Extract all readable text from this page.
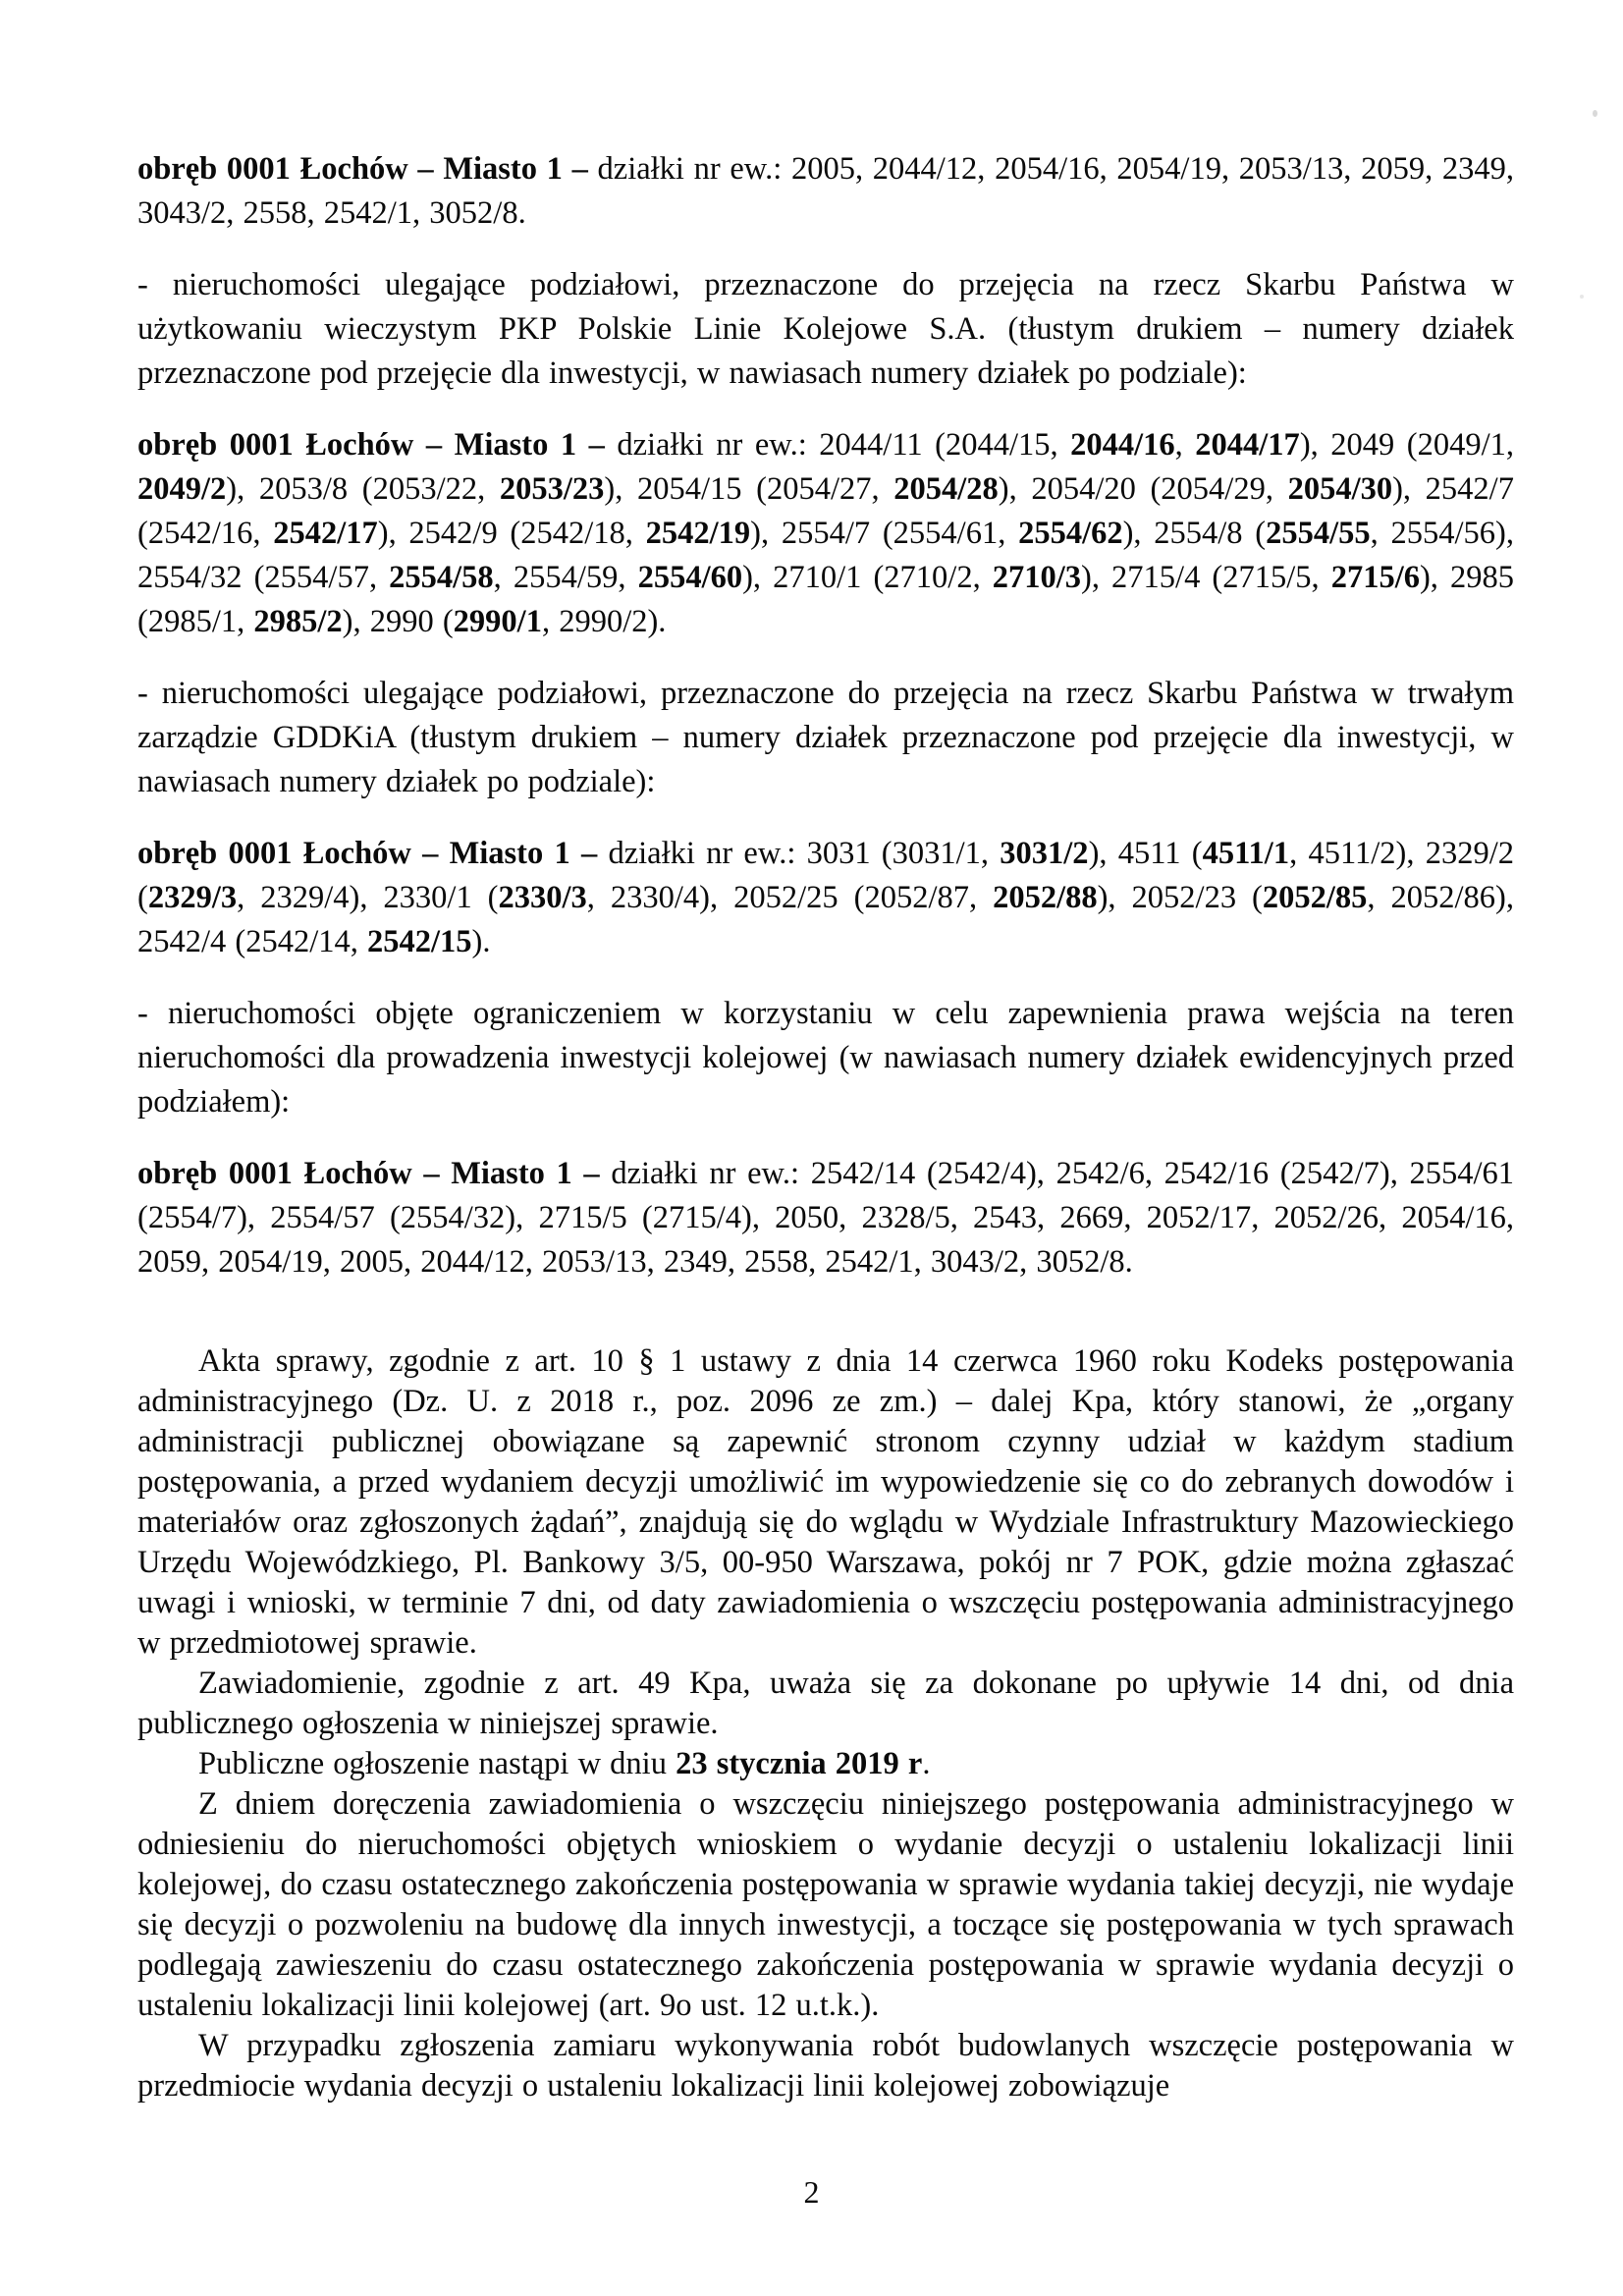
obręb 0001 Łochów – Miasto 1 – działki nr ew.: 2005, 2044/12, 2054/16, 2054/19, 2053/13, 2059, 2349, 3043/2, 2558, 2542/1, 3052/8.

- nieruchomości ulegające podziałowi, przeznaczone do przejęcia na rzecz Skarbu Państwa w użytkowaniu wieczystym PKP Polskie Linie Kolejowe S.A. (tłustym drukiem – numery działek przeznaczone pod przejęcie dla inwestycji, w nawiasach numery działek po podziale):

obręb 0001 Łochów – Miasto 1 – działki nr ew.: 2044/11 (2044/15, 2044/16, 2044/17), 2049 (2049/1, 2049/2), 2053/8 (2053/22, 2053/23), 2054/15 (2054/27, 2054/28), 2054/20 (2054/29, 2054/30), 2542/7 (2542/16, 2542/17), 2542/9 (2542/18, 2542/19), 2554/7 (2554/61, 2554/62), 2554/8 (2554/55, 2554/56), 2554/32 (2554/57, 2554/58, 2554/59, 2554/60), 2710/1 (2710/2, 2710/3), 2715/4 (2715/5, 2715/6), 2985 (2985/1, 2985/2), 2990 (2990/1, 2990/2).

- nieruchomości ulegające podziałowi, przeznaczone do przejęcia na rzecz Skarbu Państwa w trwałym zarządzie GDDKiA (tłustym drukiem – numery działek przeznaczone pod przejęcie dla inwestycji, w nawiasach numery działek po podziale):

obręb 0001 Łochów – Miasto 1 – działki nr ew.: 3031 (3031/1, 3031/2), 4511 (4511/1, 4511/2), 2329/2 (2329/3, 2329/4), 2330/1 (2330/3, 2330/4), 2052/25 (2052/87, 2052/88), 2052/23 (2052/85, 2052/86), 2542/4 (2542/14, 2542/15).

- nieruchomości objęte ograniczeniem w korzystaniu w celu zapewnienia prawa wejścia na teren nieruchomości dla prowadzenia inwestycji kolejowej (w nawiasach numery działek ewidencyjnych przed podziałem):

obręb 0001 Łochów – Miasto 1 – działki nr ew.: 2542/14 (2542/4), 2542/6, 2542/16 (2542/7), 2554/61 (2554/7), 2554/57 (2554/32), 2715/5 (2715/4), 2050, 2328/5, 2543, 2669, 2052/17, 2052/26, 2054/16, 2059, 2054/19, 2005, 2044/12, 2053/13, 2349, 2558, 2542/1, 3043/2, 3052/8.

Akta sprawy, zgodnie z art. 10 § 1 ustawy z dnia 14 czerwca 1960 roku Kodeks postępowania administracyjnego (Dz. U. z 2018 r., poz. 2096 ze zm.) – dalej Kpa, który stanowi, że „organy administracji publicznej obowiązane są zapewnić stronom czynny udział w każdym stadium postępowania, a przed wydaniem decyzji umożliwić im wypowiedzenie się co do zebranych dowodów i materiałów oraz zgłoszonych żądań”, znajdują się do wglądu w Wydziale Infrastruktury Mazowieckiego Urzędu Wojewódzkiego, Pl. Bankowy 3/5, 00-950 Warszawa, pokój nr 7 POK, gdzie można zgłaszać uwagi i wnioski, w terminie 7 dni, od daty zawiadomienia o wszczęciu postępowania administracyjnego w przedmiotowej sprawie.

Zawiadomienie, zgodnie z art. 49 Kpa, uważa się za dokonane po upływie 14 dni, od dnia publicznego ogłoszenia w niniejszej sprawie.

Publiczne ogłoszenie nastąpi w dniu 23 stycznia 2019 r.

Z dniem doręczenia zawiadomienia o wszczęciu niniejszego postępowania administracyjnego w odniesieniu do nieruchomości objętych wnioskiem o wydanie decyzji o ustaleniu lokalizacji linii kolejowej, do czasu ostatecznego zakończenia postępowania w sprawie wydania takiej decyzji, nie wydaje się decyzji o pozwoleniu na budowę dla innych inwestycji, a toczące się postępowania w tych sprawach podlegają zawieszeniu do czasu ostatecznego zakończenia postępowania w sprawie wydania decyzji o ustaleniu lokalizacji linii kolejowej (art. 9o ust. 12 u.t.k.).

W przypadku zgłoszenia zamiaru wykonywania robót budowlanych wszczęcie postępowania w przedmiocie wydania decyzji o ustaleniu lokalizacji linii kolejowej zobowiązuje

2
